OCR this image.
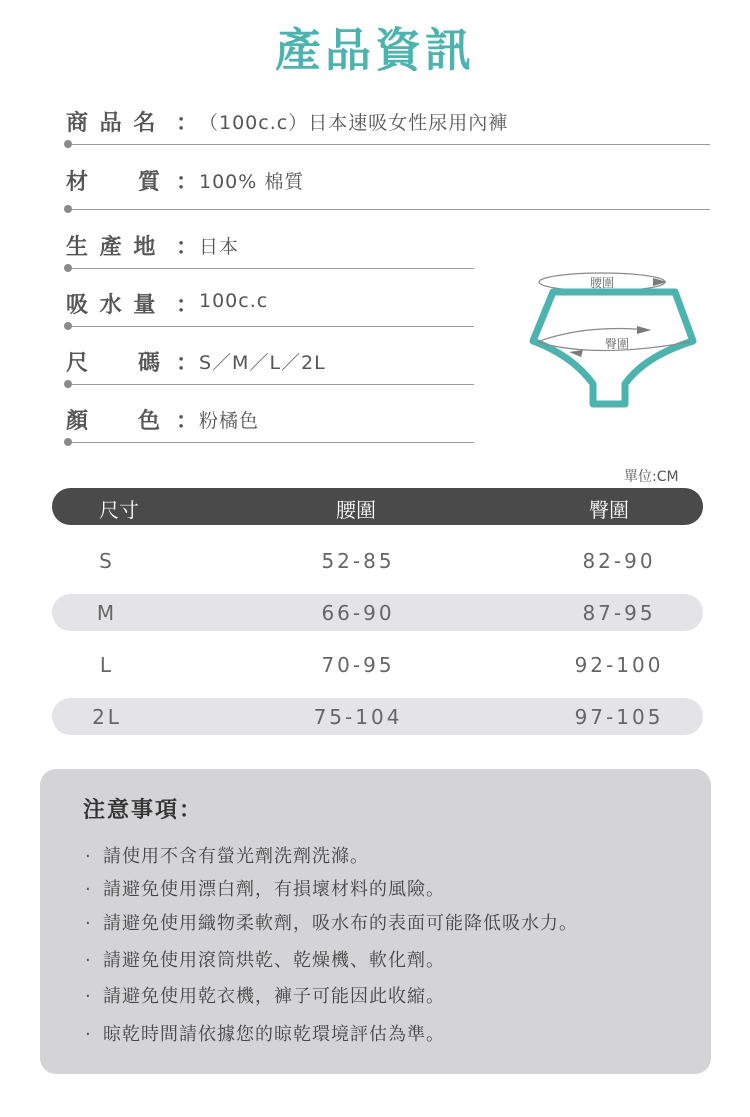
產品資訊
商 品 名 ： （100c.c）日本速吸女性尿用內褲
材　　質 ： 100% 棉質
生 產 地 ： 日本
吸 水 量 ： 100c.c
尺　　碼 ： S／M／L／2L
顏　　色 ： 粉橘色
腰圍
臀圍
單位:CM
尺寸	腰圍	臀圍
S	52-85	82-90
M	66-90	87-95
L	70-95	92-100
2L	75-104	97-105
注意事項：
· 請使用不含有螢光劑洗劑洗滌。
· 請避免使用漂白劑，有損壞材料的風險。
· 請避免使用織物柔軟劑，吸水布的表面可能降低吸水力。
· 請避免使用滾筒烘乾、乾燥機、軟化劑。
· 請避免使用乾衣機，褲子可能因此收縮。
· 晾乾時間請依據您的晾乾環境評估為準。
